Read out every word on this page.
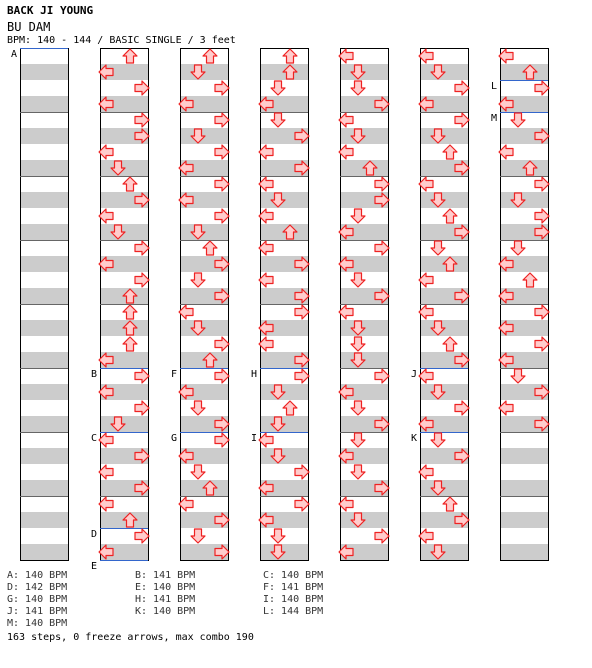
BACK JI YOUNG
BU DAM
BPM: 140 - 144 / BASIC SINGLE / 3 feet
A
B
C
D
E
F
G
H
I
J
K
L
M
A: 140 BPM	B: 141 BPM	C: 140 BPM
D: 142 BPM	E: 140 BPM	F: 141 BPM
G: 140 BPM	H: 141 BPM	I: 140 BPM
J: 141 BPM	K: 140 BPM	L: 144 BPM
M: 140 BPM
163 steps, 0 freeze arrows, max combo 190
